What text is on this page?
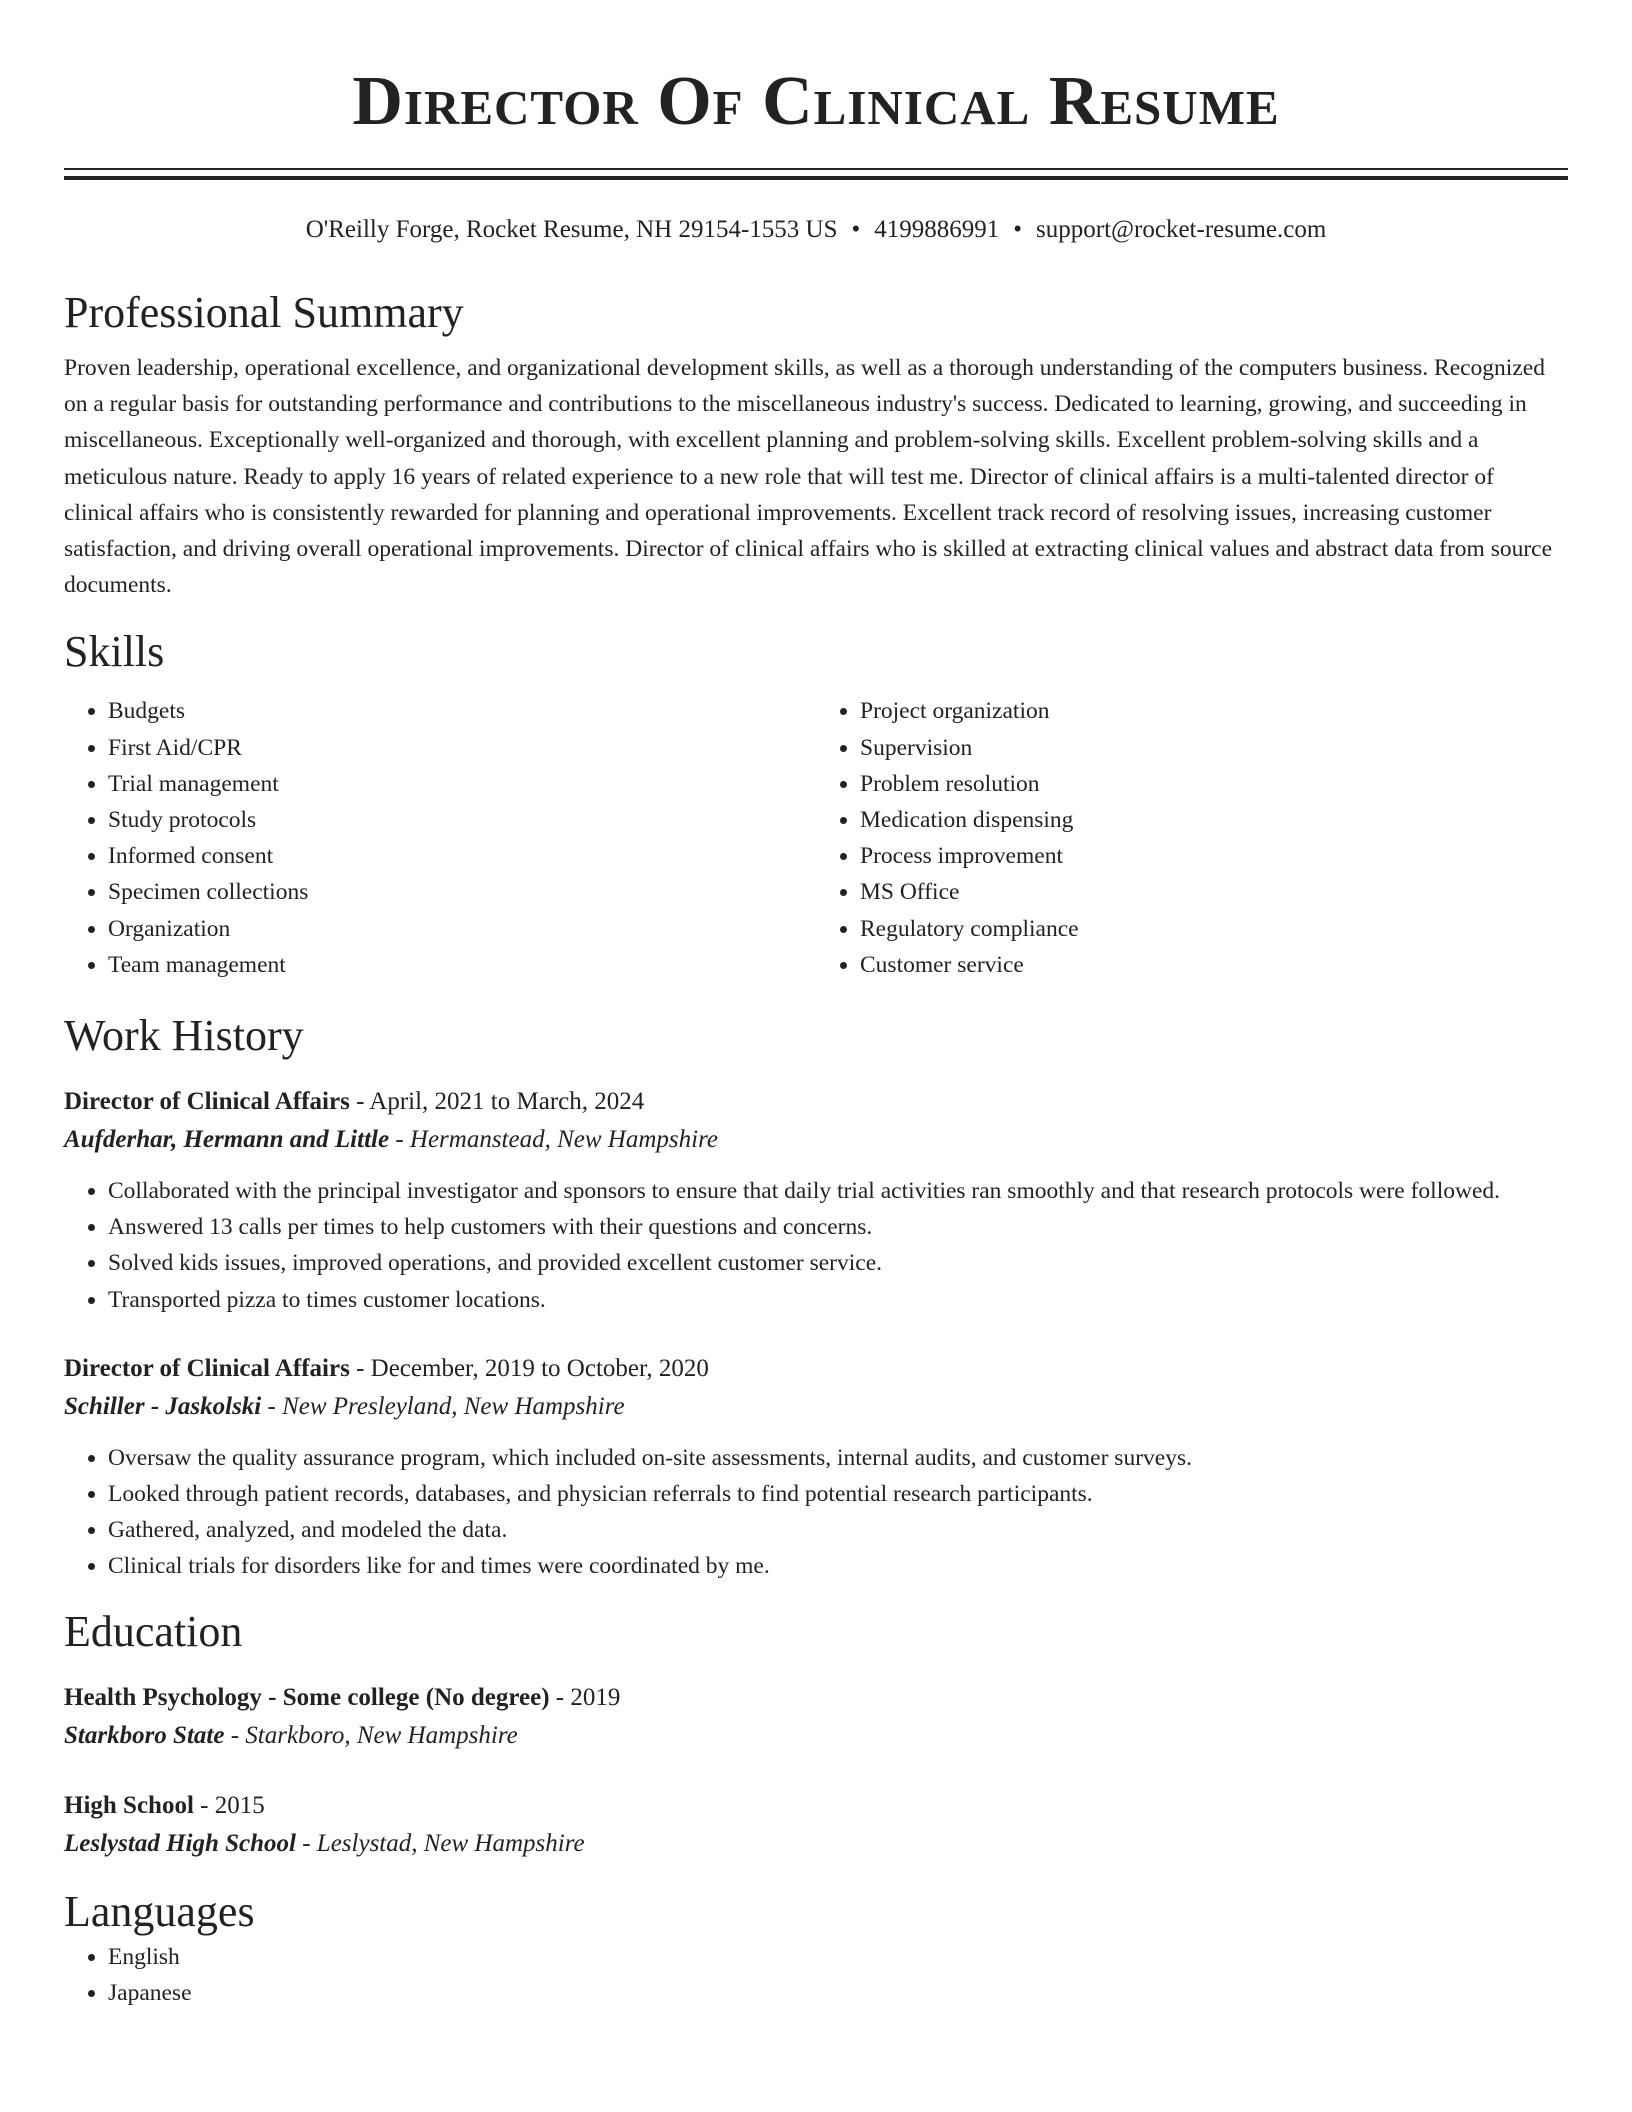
Director Of Clinical Resume
O'Reilly Forge, Rocket Resume, NH 29154-1553 US • 4199886991 • support@rocket-resume.com
Professional Summary

Proven leadership, operational excellence, and organizational development skills, as well as a thorough understanding of the computers business. Recognized on a regular basis for outstanding performance and contributions to the miscellaneous industry's success. Dedicated to learning, growing, and succeeding in miscellaneous. Exceptionally well-organized and thorough, with excellent planning and problem-solving skills. Excellent problem-solving skills and a meticulous nature. Ready to apply 16 years of related experience to a new role that will test me. Director of clinical affairs is a multi-talented director of clinical affairs who is consistently rewarded for planning and operational improvements. Excellent track record of resolving issues, increasing customer satisfaction, and driving overall operational improvements. Director of clinical affairs who is skilled at extracting clinical values and abstract data from source documents.

Skills
• Budgets
• First Aid/CPR
• Trial management
• Study protocols
• Informed consent
• Specimen collections
• Organization
• Team management
• Project organization
• Supervision
• Problem resolution
• Medication dispensing
• Process improvement
• MS Office
• Regulatory compliance
• Customer service
Work History
Director of Clinical Affairs - April, 2021 to March, 2024
Aufderhar, Hermann and Little - Hermanstead, New Hampshire
• Collaborated with the principal investigator and sponsors to ensure that daily trial activities ran smoothly and that research protocols were followed.
• Answered 13 calls per times to help customers with their questions and concerns.
• Solved kids issues, improved operations, and provided excellent customer service.
• Transported pizza to times customer locations.
Director of Clinical Affairs - December, 2019 to October, 2020
Schiller - Jaskolski - New Presleyland, New Hampshire
• Oversaw the quality assurance program, which included on-site assessments, internal audits, and customer surveys.
• Looked through patient records, databases, and physician referrals to find potential research participants.
• Gathered, analyzed, and modeled the data.
• Clinical trials for disorders like for and times were coordinated by me.
Education
Health Psychology - Some college (No degree) - 2019
Starkboro State - Starkboro, New Hampshire
High School - 2015
Leslystad High School - Leslystad, New Hampshire
Languages
• English
• Japanese
